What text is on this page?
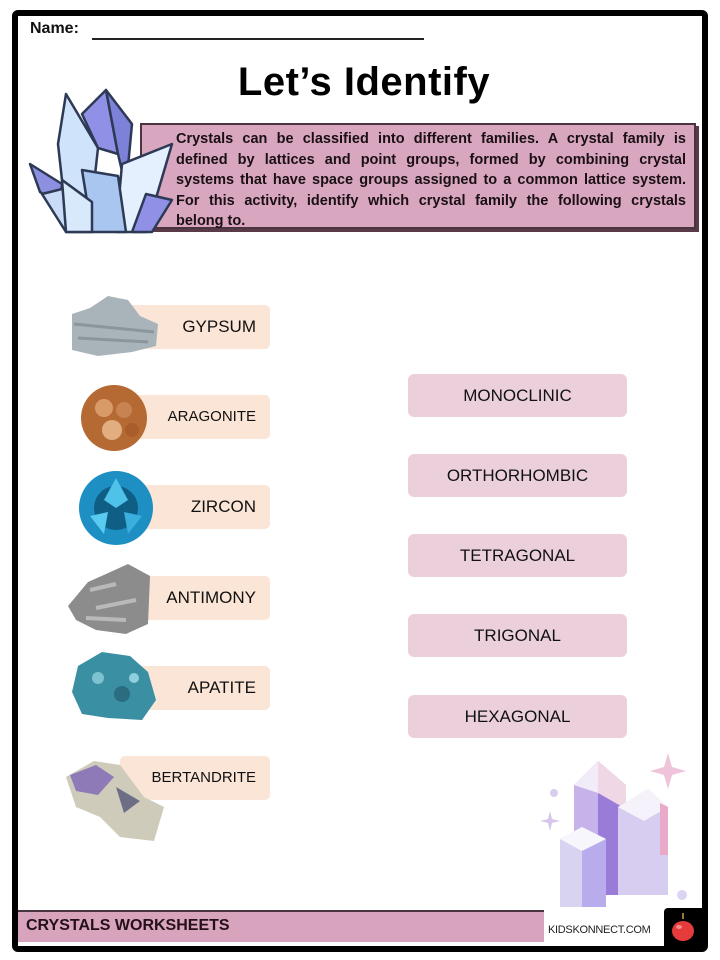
Name:
Let’s Identify
Crystals can be classified into different families. A crystal family is defined by lattices and point groups, formed by combining crystal systems that have space groups assigned to a common lattice system. For this activity, identify which crystal family the following crystals belong to.
GYPSUM
ARAGONITE
ZIRCON
ANTIMONY
APATITE
BERTANDRITE
MONOCLINIC
ORTHORHOMBIC
TETRAGONAL
TRIGONAL
HEXAGONAL
CRYSTALS WORKSHEETS	KIDSKONNECT.COM
